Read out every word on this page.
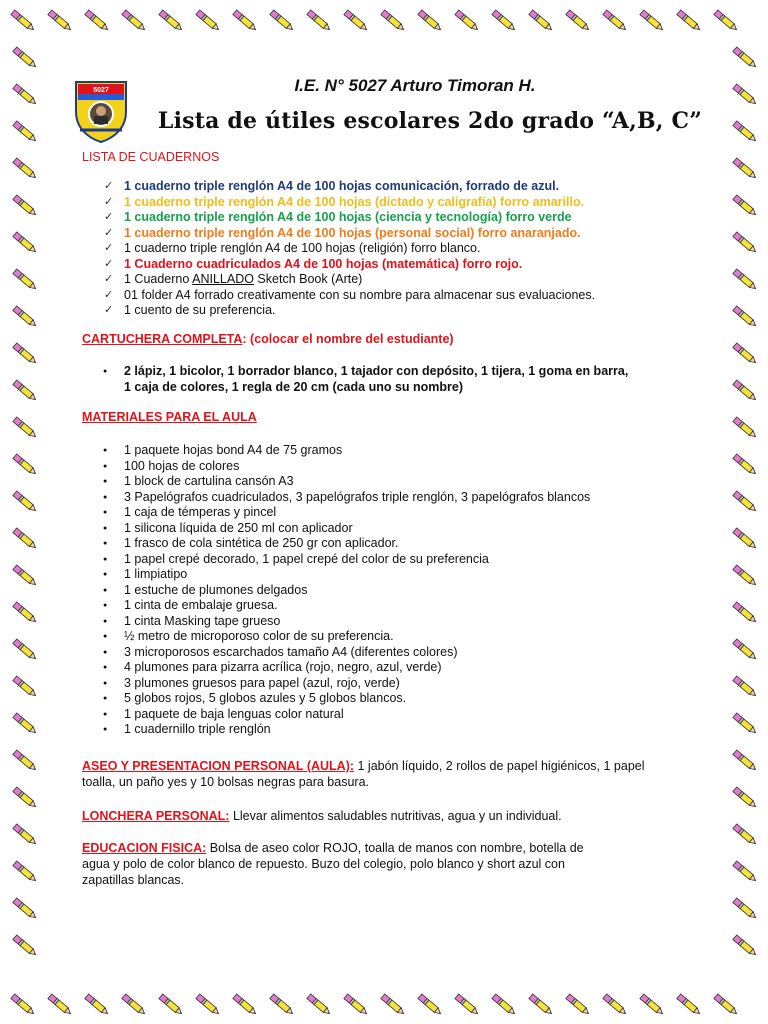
5027	I.E. N° 5027 Arturo Timoran H.
Lista de útiles escolares 2do grado “A,B, C”
LISTA DE CUADERNOS
✓ 1 cuaderno triple renglón A4 de 100 hojas comunicación, forrado de azul.
✓ 1 cuaderno triple renglón A4 de 100 hojas (dictado y caligrafía) forro amarillo.
✓ 1 cuaderno triple renglón A4 de 100 hojas (ciencia y tecnología) forro verde
✓ 1 cuaderno triple renglón A4 de 100 hojas (personal social) forro anaranjado.
✓ 1 cuaderno triple renglón A4 de 100 hojas (religión) forro blanco.
✓ 1 Cuaderno cuadriculados A4 de 100 hojas (matemática) forro rojo.
✓ 1 Cuaderno ANILLADO Sketch Book (Arte)
✓ 01 folder A4 forrado creativamente con su nombre para almacenar sus evaluaciones.
✓ 1 cuento de su preferencia.
CARTUCHERA COMPLETA: (colocar el nombre del estudiante)
● 2 lápiz, 1 bicolor, 1 borrador blanco, 1 tajador con depósito, 1 tijera, 1 goma en barra,
1 caja de colores, 1 regla de 20 cm (cada uno su nombre)
MATERIALES PARA EL AULA
● 1 paquete hojas bond A4 de 75 gramos
● 100 hojas de colores
● 1 block de cartulina cansón A3
● 3 Papelógrafos cuadriculados, 3 papelógrafos triple renglón, 3 papelógrafos blancos
● 1 caja de témperas y pincel
● 1 silicona líquida de 250 ml con aplicador
● 1 frasco de cola sintética de 250 gr con aplicador.
● 1 papel crepé decorado, 1 papel crepé del color de su preferencia
● 1 limpiatipo
● 1 estuche de plumones delgados
● 1 cinta de embalaje gruesa.
● 1 cinta Masking tape grueso
● ½ metro de microporoso color de su preferencia.
● 3 microporosos escarchados tamaño A4 (diferentes colores)
● 4 plumones para pizarra acrílica (rojo, negro, azul, verde)
● 3 plumones gruesos para papel (azul, rojo, verde)
● 5 globos rojos, 5 globos azules y 5 globos blancos.
● 1 paquete de baja lenguas color natural
● 1 cuadernillo triple renglón
ASEO Y PRESENTACION PERSONAL (AULA): 1 jabón líquido, 2 rollos de papel higiénicos, 1 papel
toalla, un paño yes y 10 bolsas negras para basura.
LONCHERA PERSONAL: Llevar alimentos saludables nutritivas, agua y un individual.
EDUCACION FISICA: Bolsa de aseo color ROJO, toalla de manos con nombre, botella de
agua y polo de color blanco de repuesto. Buzo del colegio, polo blanco y short azul con
zapatillas blancas.
